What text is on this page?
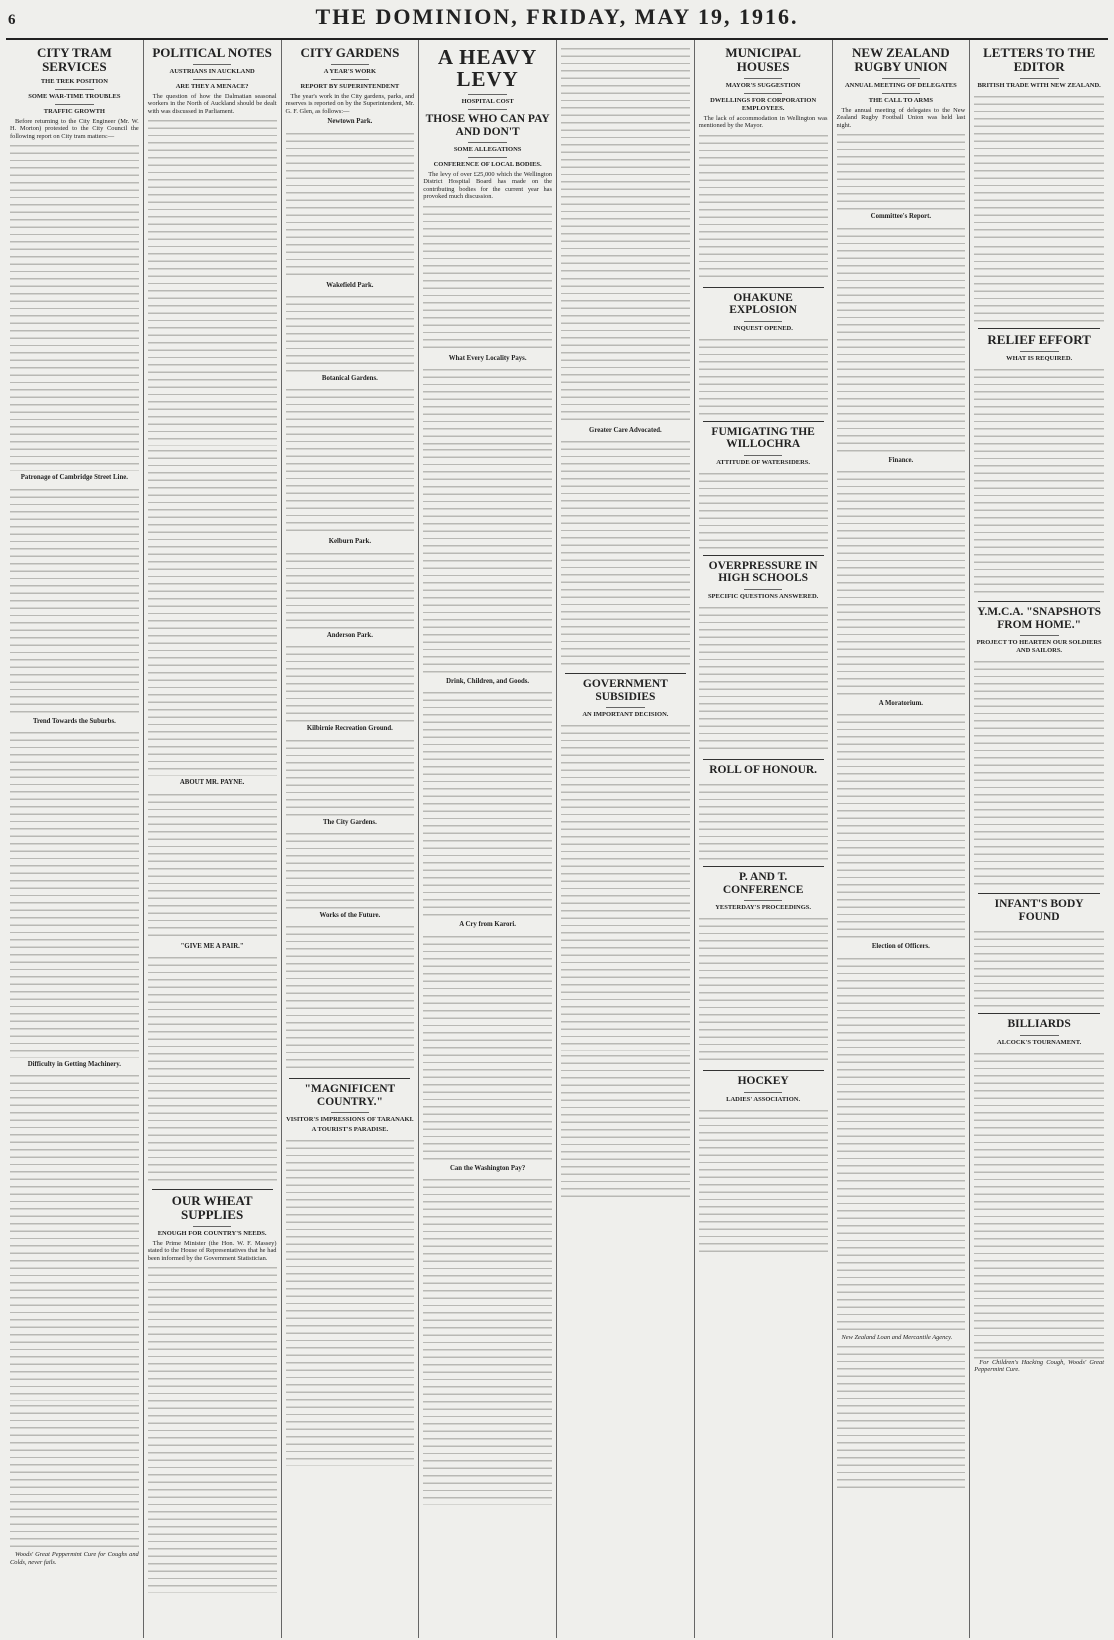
6	THE DOMINION, FRIDAY, MAY 19, 1916.
CITY TRAM SERVICES
THE TREK POSITION
SOME WAR-TIME TROUBLES
TRAFFIC GROWTH

Before returning to the City Engineer (Mr. W. H. Morton) protested to the City Council the following report on City tram matters:—

Patronage of Cambridge Street Line.
Trend Towards the Suburbs.
Difficulty in Getting Machinery.

Woods' Great Peppermint Cure for Coughs and Colds, never fails.

POLITICAL NOTES
AUSTRIANS IN AUCKLAND
ARE THEY A MENACE?

The question of how the Dalmatian seasonal workers in the North of Auckland should be dealt with was discussed in Parliament.

ABOUT MR. PAYNE.
"GIVE ME A PAIR."
OUR WHEAT SUPPLIES
ENOUGH FOR COUNTRY'S NEEDS.

The Prime Minister (the Hon. W. F. Massey) stated to the House of Representatives that he had been informed by the Government Statistician.

CITY GARDENS
A YEAR'S WORK
REPORT BY SUPERINTENDENT

The year's work in the City gardens, parks, and reserves is reported on by the Superintendent, Mr. G. F. Glen, as follows:—

Newtown Park.
Wakefield Park.
Botanical Gardens.
Kelburn Park.
Anderson Park.
Kilbirnie Recreation Ground.
The City Gardens.
Works of the Future.
"MAGNIFICENT COUNTRY."
VISITOR'S IMPRESSIONS OF TARANAKI.
A TOURIST'S PARADISE.
A HEAVY LEVY
HOSPITAL COST
THOSE WHO CAN PAY AND DON'T
SOME ALLEGATIONS
CONFERENCE OF LOCAL BODIES.

The levy of over £25,000 which the Wellington District Hospital Board has made on the contributing bodies for the current year has provoked much discussion.

What Every Locality Pays.
Drink, Children, and Goods.
A Cry from Karori.
Can the Washington Pay?
Greater Care Advocated.
GOVERNMENT SUBSIDIES
AN IMPORTANT DECISION.
MUNICIPAL HOUSES
MAYOR'S SUGGESTION
DWELLINGS FOR CORPORATION EMPLOYEES.

The lack of accommodation in Wellington was mentioned by the Mayor.

OHAKUNE EXPLOSION
INQUEST OPENED.
FUMIGATING THE WILLOCHRA
ATTITUDE OF WATERSIDERS.
OVERPRESSURE IN HIGH SCHOOLS
SPECIFIC QUESTIONS ANSWERED.
ROLL OF HONOUR.
P. AND T. CONFERENCE
YESTERDAY'S PROCEEDINGS.
HOCKEY
LADIES' ASSOCIATION.
NEW ZEALAND RUGBY UNION
ANNUAL MEETING OF DELEGATES
THE CALL TO ARMS

The annual meeting of delegates to the New Zealand Rugby Football Union was held last night.

Committee's Report.
Finance.
A Moratorium.
Election of Officers.

New Zealand Loan and Mercantile Agency.

LETTERS TO THE EDITOR
BRITISH TRADE WITH NEW ZEALAND.
RELIEF EFFORT
WHAT IS REQUIRED.
Y.M.C.A. "SNAPSHOTS FROM HOME."
PROJECT TO HEARTEN OUR SOLDIERS AND SAILORS.
INFANT'S BODY FOUND
BILLIARDS
ALCOCK'S TOURNAMENT.

For Children's Hacking Cough, Woods' Great Peppermint Cure.
